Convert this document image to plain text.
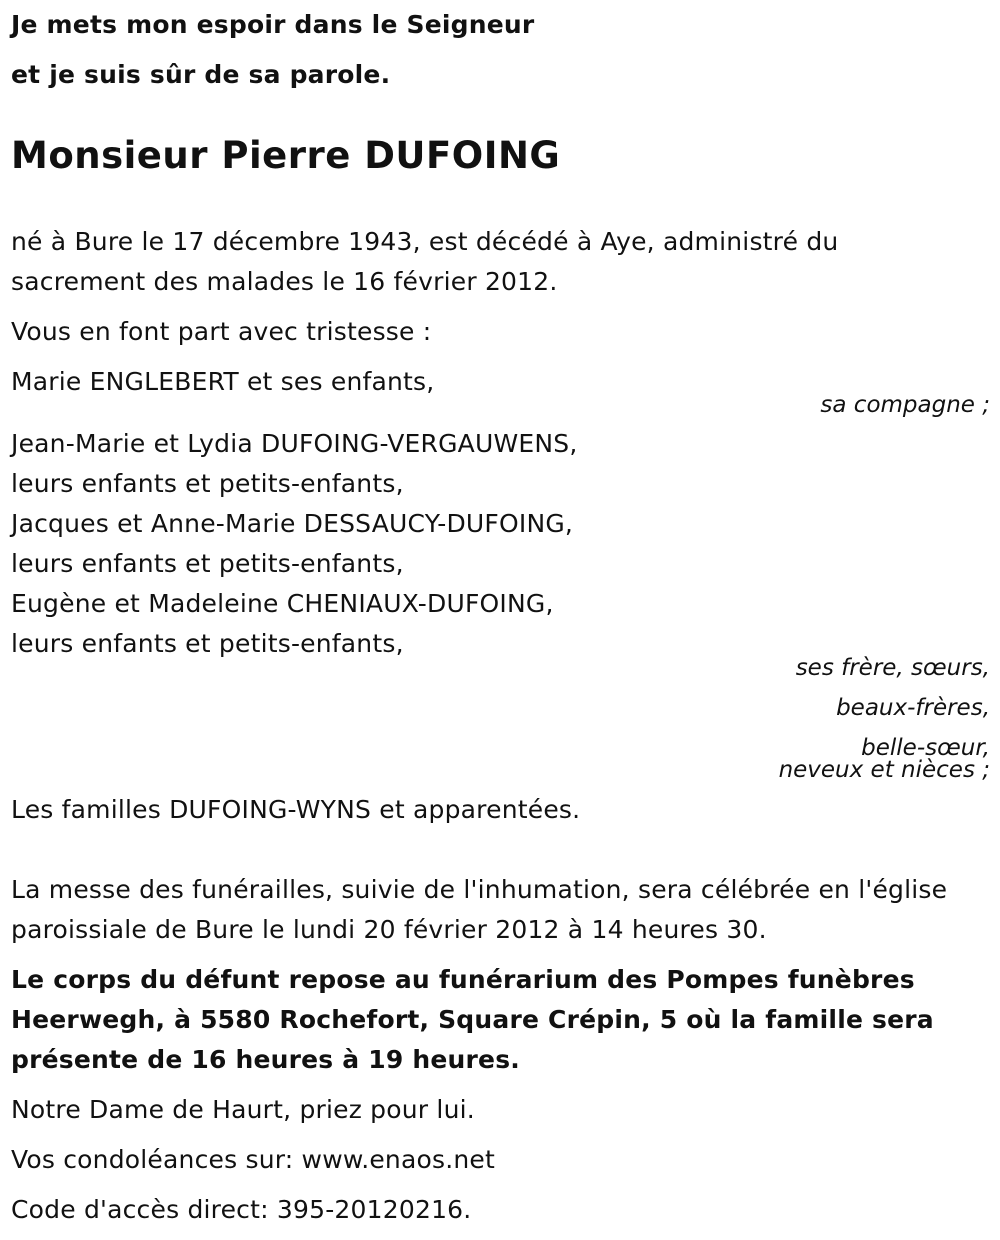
Je mets mon espoir dans le Seigneur
et je suis sûr de sa parole.
Monsieur Pierre DUFOING
né à Bure le 17 décembre 1943, est décédé à Aye, administré du
sacrement des malades le 16 février 2012.
Vous en font part avec tristesse :
Marie ENGLEBERT et ses enfants,
sa compagne ;
Jean-Marie et Lydia DUFOING-VERGAUWENS,
leurs enfants et petits-enfants,
Jacques et Anne-Marie DESSAUCY-DUFOING,
leurs enfants et petits-enfants,
Eugène et Madeleine CHENIAUX-DUFOING,
leurs enfants et petits-enfants,
ses frère, sœurs,
beaux-frères,
belle-sœur,
neveux et nièces ;
Les familles DUFOING-WYNS et apparentées.
La messe des funérailles, suivie de l'inhumation, sera célébrée en l'église
paroissiale de Bure le lundi 20 février 2012 à 14 heures 30.
Le corps du défunt repose au funérarium des Pompes funèbres
Heerwegh, à 5580 Rochefort, Square Crépin, 5 où la famille sera
présente de 16 heures à 19 heures.
Notre Dame de Haurt, priez pour lui.
Vos condoléances sur: www.enaos.net
Code d'accès direct: 395-20120216.
